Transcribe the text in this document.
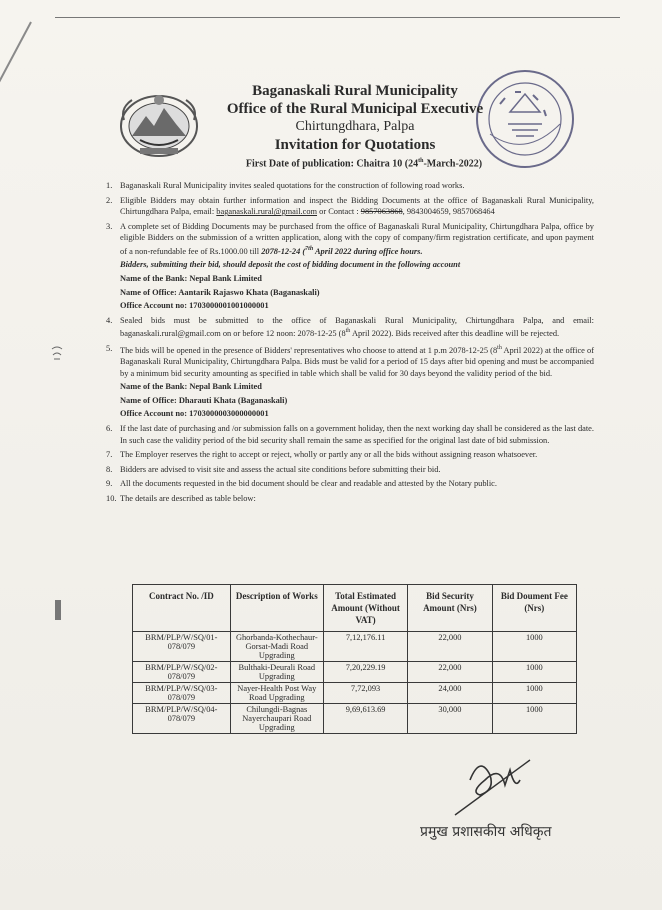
Baganaskali Rural Municipality
Office of the Rural Municipal Executive
Chirtungdhara, Palpa
Invitation for Quotations
First Date of publication: Chaitra 10 (24th-March-2022)
1. Baganaskali Rural Municipality invites sealed quotations for the construction of following road works.
2. Eligible Bidders may obtain further information and inspect the Bidding Documents at the office of Baganaskali Rural Municipality, Chirtungdhara Palpa, email: baganaskali.rural@gmail.com or Contact : 9857063868, 9843004659, 9857068464
3. A complete set of Bidding Documents may be purchased from the office of Baganaskali Rural Municipality, Chirtungdhara Palpa, office by eligible Bidders on the submission of a written application, along with the copy of company/firm registration certificate, and upon payment of a non-refundable fee of Rs.1000.00 till 2078-12-24 ($^{7th}$ April 2022 during office hours.
Bidders, submitting their bid, should deposit the cost of bidding document in the following account
Name of the Bank: Nepal Bank Limited
Name of Office: Aantarik Rajaswo Khata (Baganaskali)
Office Account no: 1703000001001000001
4. Sealed bids must be submitted to the office of Baganaskali Rural Municipality, Chirtungdhara Palpa, and email: baganaskali.rural@gmail.com on or before 12 noon: 2078-12-25 (8th April 2022). Bids received after this deadline will be rejected.
5. The bids will be opened in the presence of Bidders' representatives who choose to attend at 1 p.m 2078-12-25 (8th April 2022) at the office of Baganaskali Rural Municipality, Chirtungdhara Palpa. Bids must be valid for a period of 15 days after bid opening and must be accompanied by a minimum bid security amounting as specified in table which shall be valid for 30 days beyond the validity period of the bid.
Name of the Bank: Nepal Bank Limited
Name of Office: Dharauti Khata (Baganaskali)
Office Account no: 1703000003000000001
6. If the last date of purchasing and /or submission falls on a government holiday, then the next working day shall be considered as the last date. In such case the validity period of the bid security shall remain the same as specified for the original last date of bid submission.
7. The Employer reserves the right to accept or reject, wholly or partly any or all the bids without assigning reason whatsoever.
8. Bidders are advised to visit site and assess the actual site conditions before submitting their bid.
9. All the documents requested in the bid document should be clear and readable and attested by the Notary public.
10. The details are described as table below:
Contract No. /ID	Description of Works	Total Estimated Amount (Without VAT)	Bid Security Amount (Nrs)	Bid Doument Fee (Nrs)
BRM/PLP/W/SQ/01-078/079	Ghorbanda-Kothechaur-Gorsat-Madi Road Upgrading	7,12,176.11	22,000	1000
BRM/PLP/W/SQ/02-078/079	Bulthaki-Deurali Road Upgrading	7,20,229.19	22,000	1000
BRM/PLP/W/SQ/03-078/079	Nayer-Health Post Way Road Upgrading	7,72,093	24,000	1000
BRM/PLP/W/SQ/04-078/079	Chilungdi-Bagnas Nayerchaupari Road Upgrading	9,69,613.69	30,000	1000
प्रमुख प्रशासकीय अधिकृत
